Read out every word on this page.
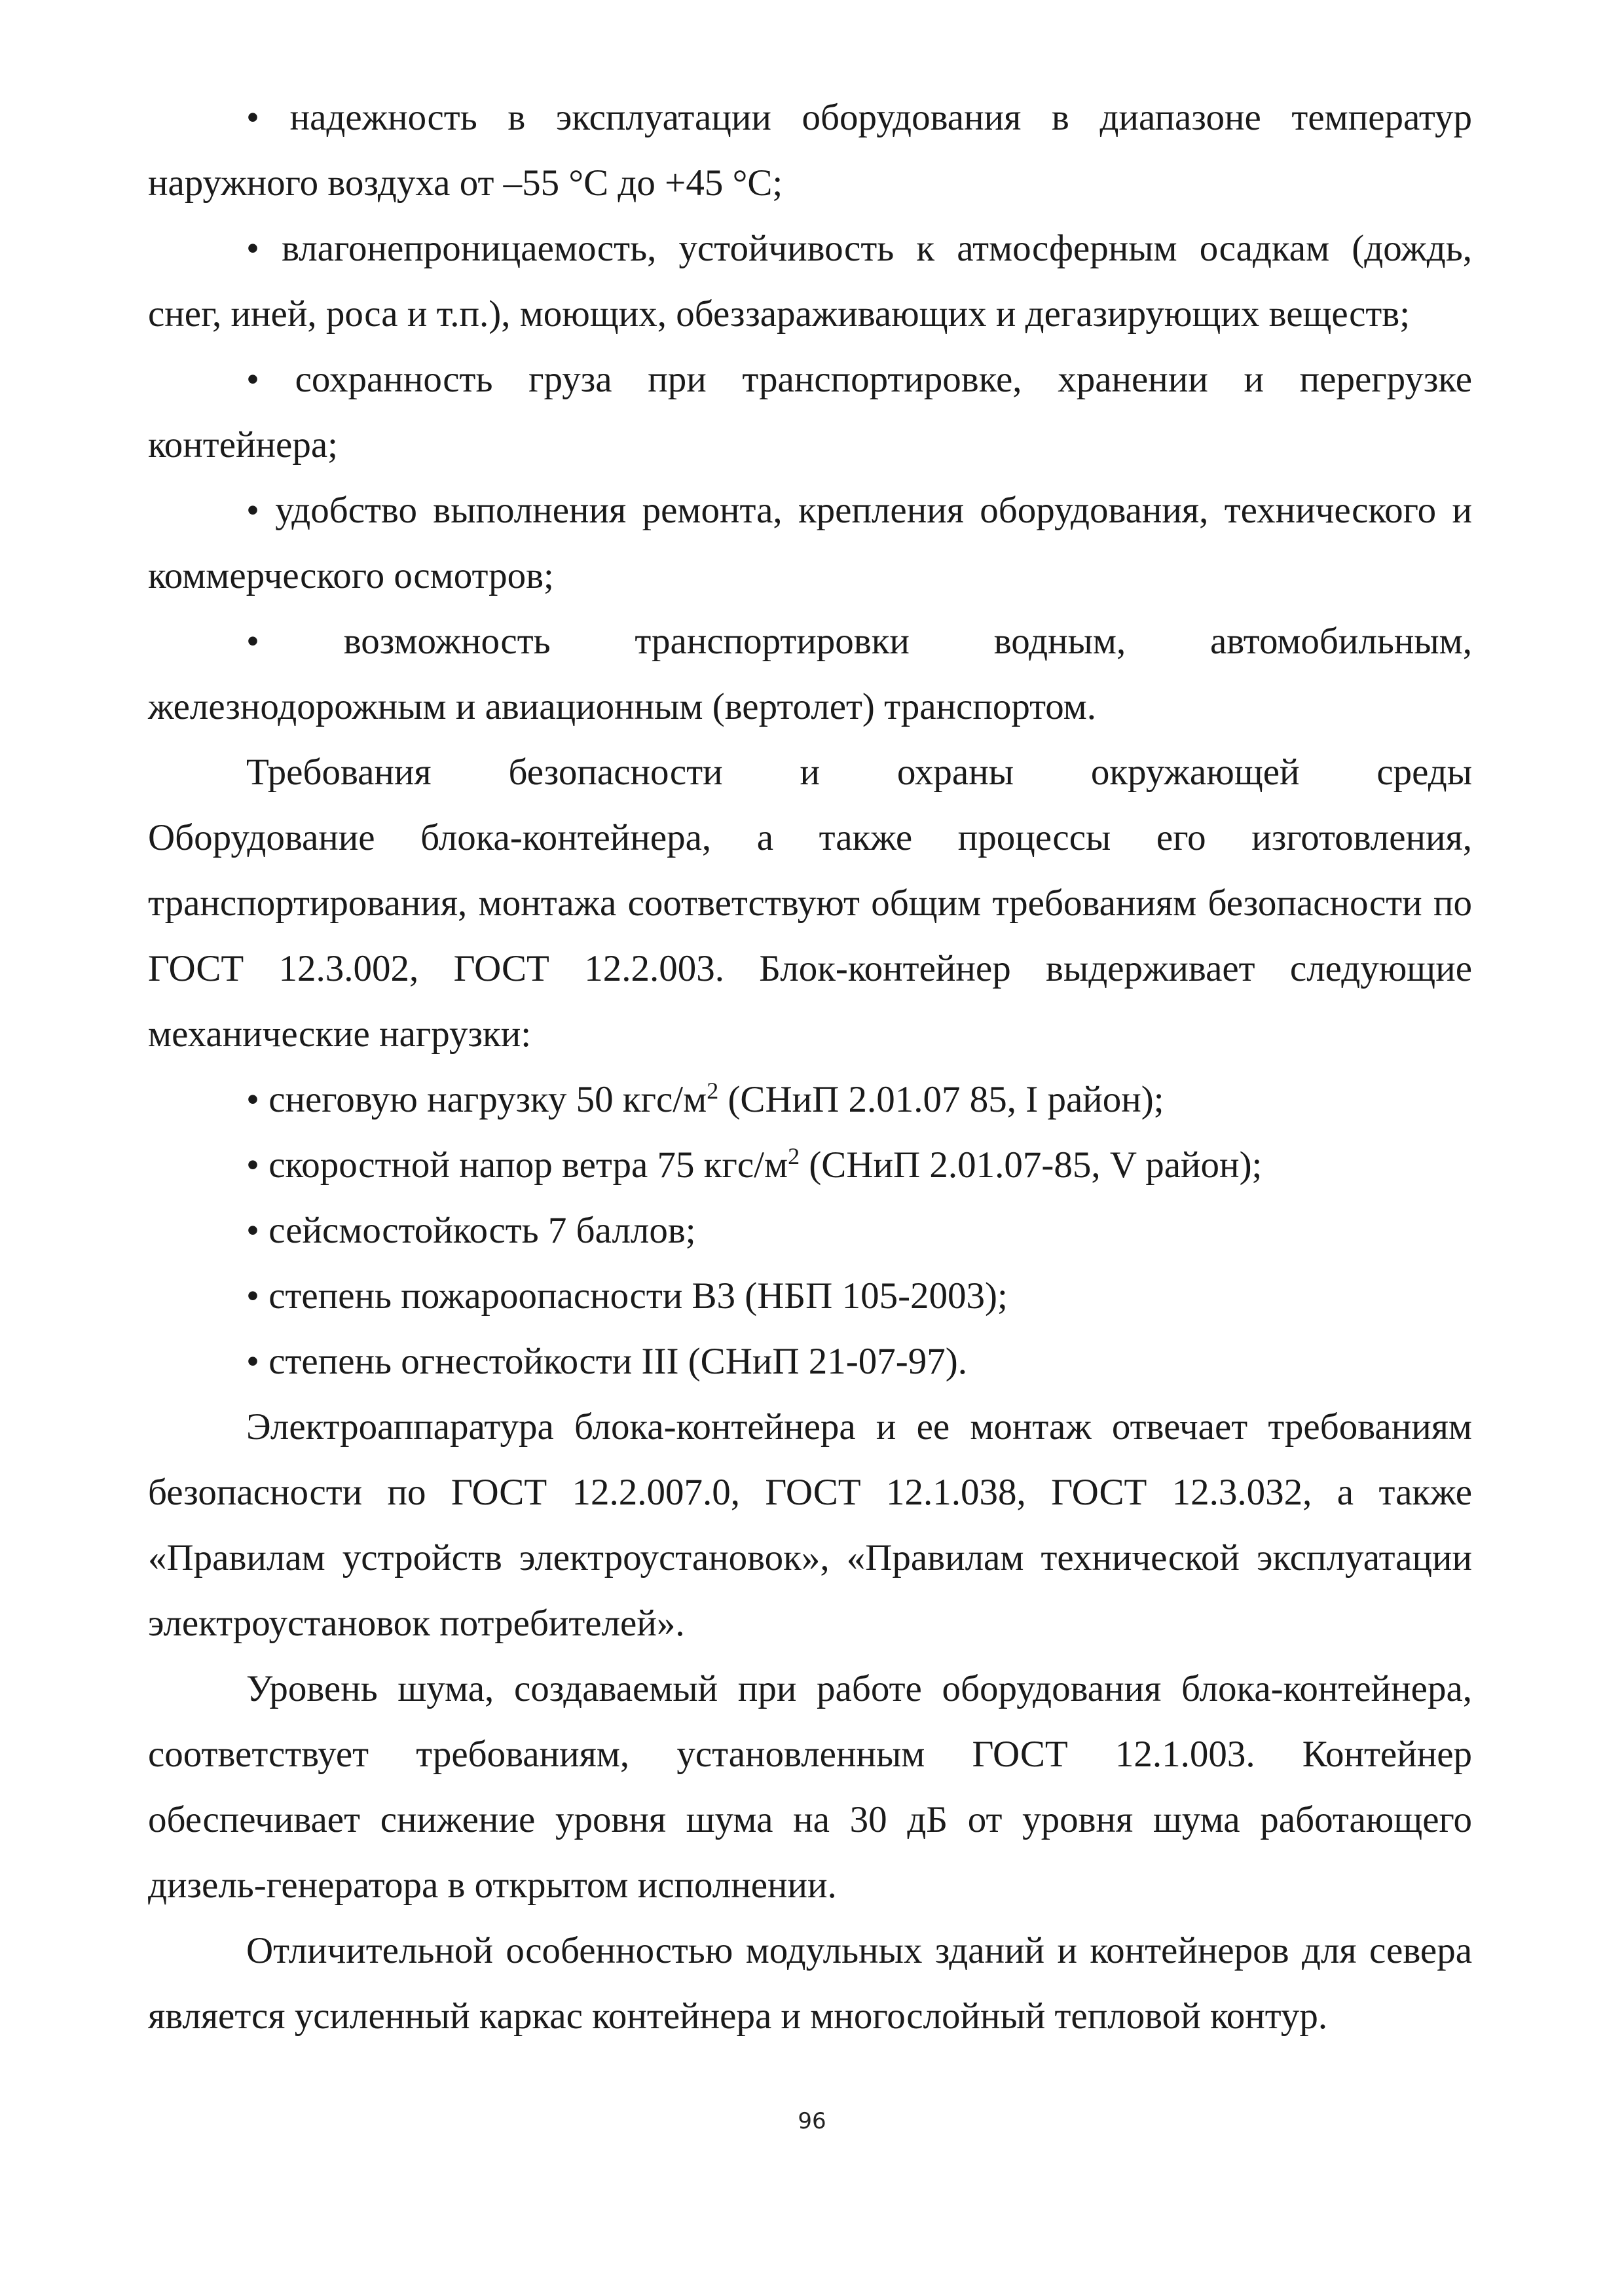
• надежность в эксплуатации оборудования в диапазоне температур наружного воздуха от –55 °C до +45 °C;

• влагонепроницаемость, устойчивость к атмосферным осадкам (дождь, снег, иней, роса и т.п.), моющих, обеззараживающих и дегазирующих веществ;

• сохранность груза при транспортировке, хранении и перегрузке контейнера;

• удобство выполнения ремонта, крепления оборудования, технического и коммерческого осмотров;

• возможность транспортировки водным, автомобильным, железнодорожным и авиационным (вертолет) транспортом.

Требования безопасности и охраны окружающей среды

Оборудование блока-контейнера, а также процессы его изготовления, транспортирования, монтажа соответствуют общим требованиям безопасности по ГОСТ 12.3.002, ГОСТ 12.2.003. Блок-контейнер выдерживает следующие механические нагрузки:

• снеговую нагрузку 50 кгс/$м^2$ (СНиП 2.01.07 85, I район);

• скоростной напор ветра 75 кгс/$м^2$ (СНиП 2.01.07-85, V район);

• сейсмостойкость 7 баллов;

• степень пожароопасности В3 (НБП 105-2003);

• степень огнестойкости III (СНиП 21-07-97).

Электроаппаратура блока-контейнера и ее монтаж отвечает требованиям безопасности по ГОСТ 12.2.007.0, ГОСТ 12.1.038, ГОСТ 12.3.032, а также «Правилам устройств электроустановок», «Правилам технической эксплуатации электроустановок потребителей».

Уровень шума, создаваемый при работе оборудования блока-контейнера, соответствует требованиям, установленным ГОСТ 12.1.003. Контейнер обеспечивает снижение уровня шума на 30 дБ от уровня шума работающего дизель-генератора в открытом исполнении.

Отличительной особенностью модульных зданий и контейнеров для севера является усиленный каркас контейнера и многослойный тепловой контур.

96
